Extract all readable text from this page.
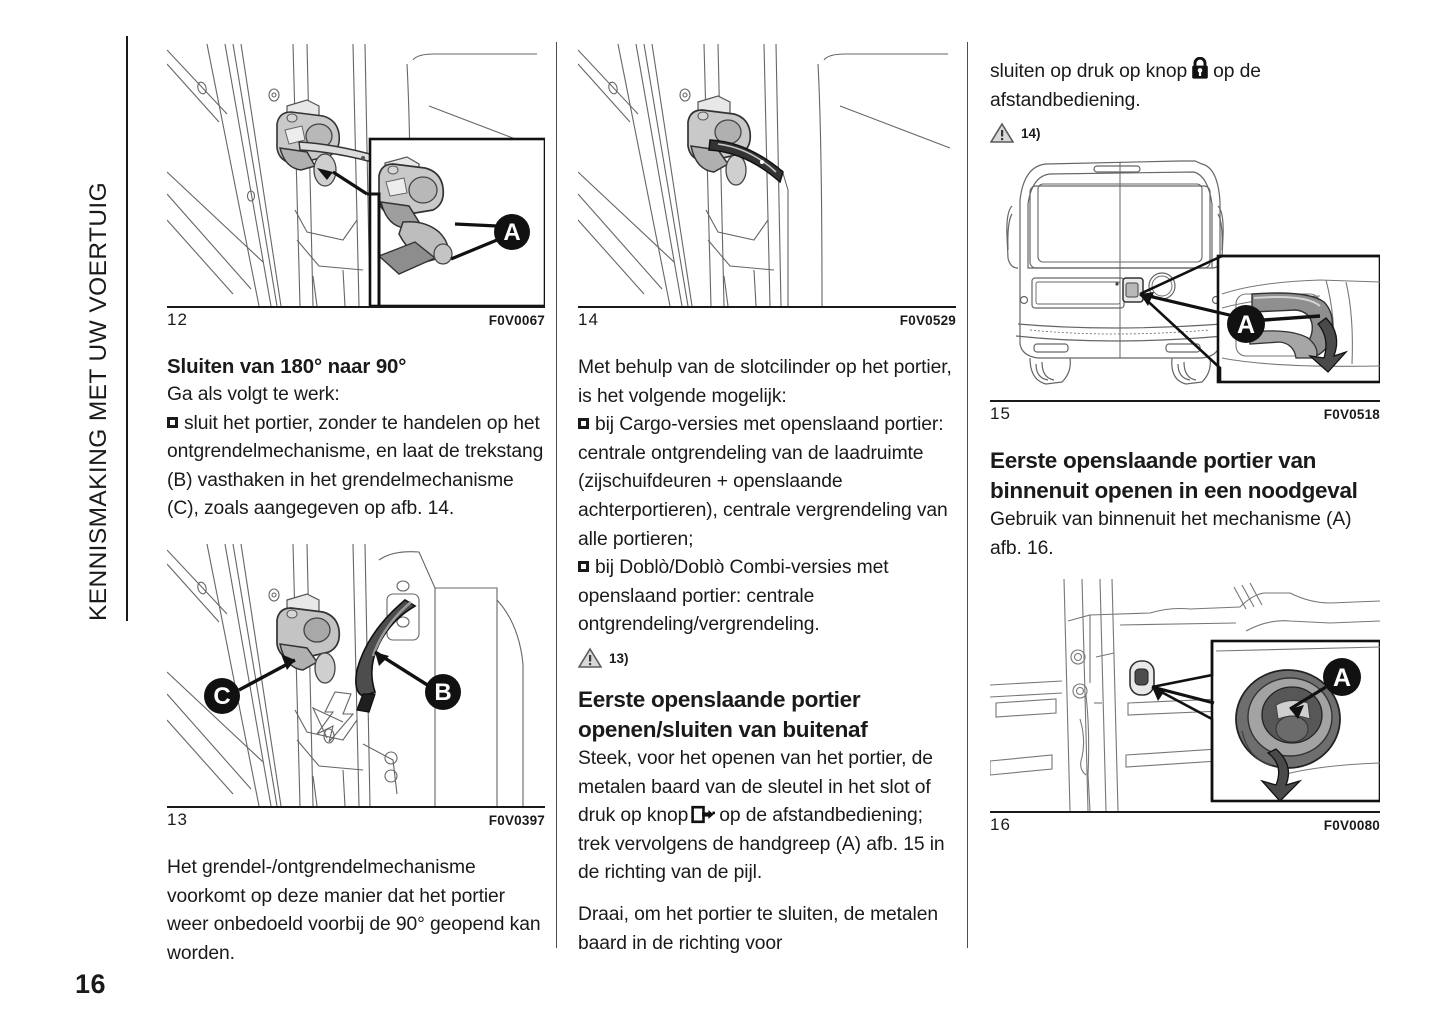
KENNISMAKING MET UW VOERTUIG
16
A
12	F0V0067
Sluiten van 180° naar 90°

Ga als volgt te werk:

sluit het portier, zonder te handelen op het ontgrendelmechanisme, en laat de trekstang (B) vasthaken in het grendelmechanisme (C), zoals aangegeven op afb. 14.

C	B
13	F0V0397

Het grendel-/ontgrendelmechanisme voorkomt op deze manier dat het portier weer onbedoeld voorbij de 90° geopend kan worden.

14	F0V0529

Met behulp van de slotcilinder op het portier, is het volgende mogelijk:

bij Cargo-versies met openslaand portier: centrale ontgrendeling van de laadruimte (zijschuifdeuren + openslaande achterportieren), centrale vergrendeling van alle portieren;

bij Doblò/Doblò Combi-versies met openslaand portier: centrale ontgrendeling/vergrendeling.

13)
Eerste openslaande portier openen/sluiten van buitenaf

Steek, voor het openen van het portier, de metalen baard van de sleutel in het slot of druk op knop op de afstandbediening; trek vervolgens de handgreep (A) afb. 15 in de richting van de pijl.

Draai, om het portier te sluiten, de metalen baard in de richting voor

sluiten op druk op knop op de afstandbediening.

14)
A
15	F0V0518
Eerste openslaande portier van binnenuit openen in een noodgeval

Gebruik van binnenuit het mechanisme (A) afb. 16.

A
16	F0V0080
